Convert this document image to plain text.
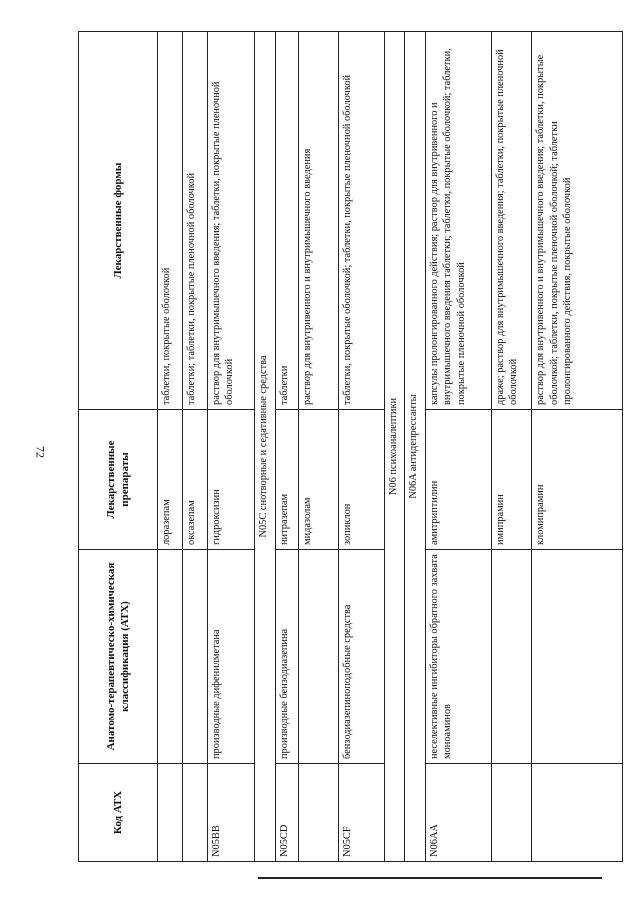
72
Код АТХ	Анатомо-терапевтическо-химическая классификация (АТХ)	Лекарственные препараты	Лекарственные формы
		лоразепам	таблетки, покрытые оболочкой
		оксазепам	таблетки; таблетки, покрытые пленочной оболочкой
N05BB	производные дифенилметана	гидроксизин	раствор для внутримышечного введения; таблетки, покрытые пленочной оболочкой
N05C снотворные и седативные средства			
N05CD	производные бензодиазепина	нитразепам	таблетки
		мидазолам	раствор для внутривенного и внутримышечного введения
N05CF	бензодиазепиноподобные средства	зопиклон	таблетки, покрытые оболочкой; таблетки, покрытые пленочной оболочкой
N06 психоаналептики			
N06A антидепрессанты			
N06AA	неселективные ингибиторы обратного захвата моноаминов	амитриптилин	капсулы пролонгированного действия; раствор для внутривенного и внутримышечного введения таблетки; таблетки, покрытые оболочкой; таблетки, покрытые пленочной оболочкой
		имипрамин	драже; раствор для внутримышечного введения; таблетки, покрытые пленочной оболочкой
		кломипрамин	раствор для внутривенного и внутримышечного введения; таблетки, покрытые оболочкой; таблетки, покрытые пленочной оболочкой; таблетки пролонгированного действия, покрытые оболочкой
